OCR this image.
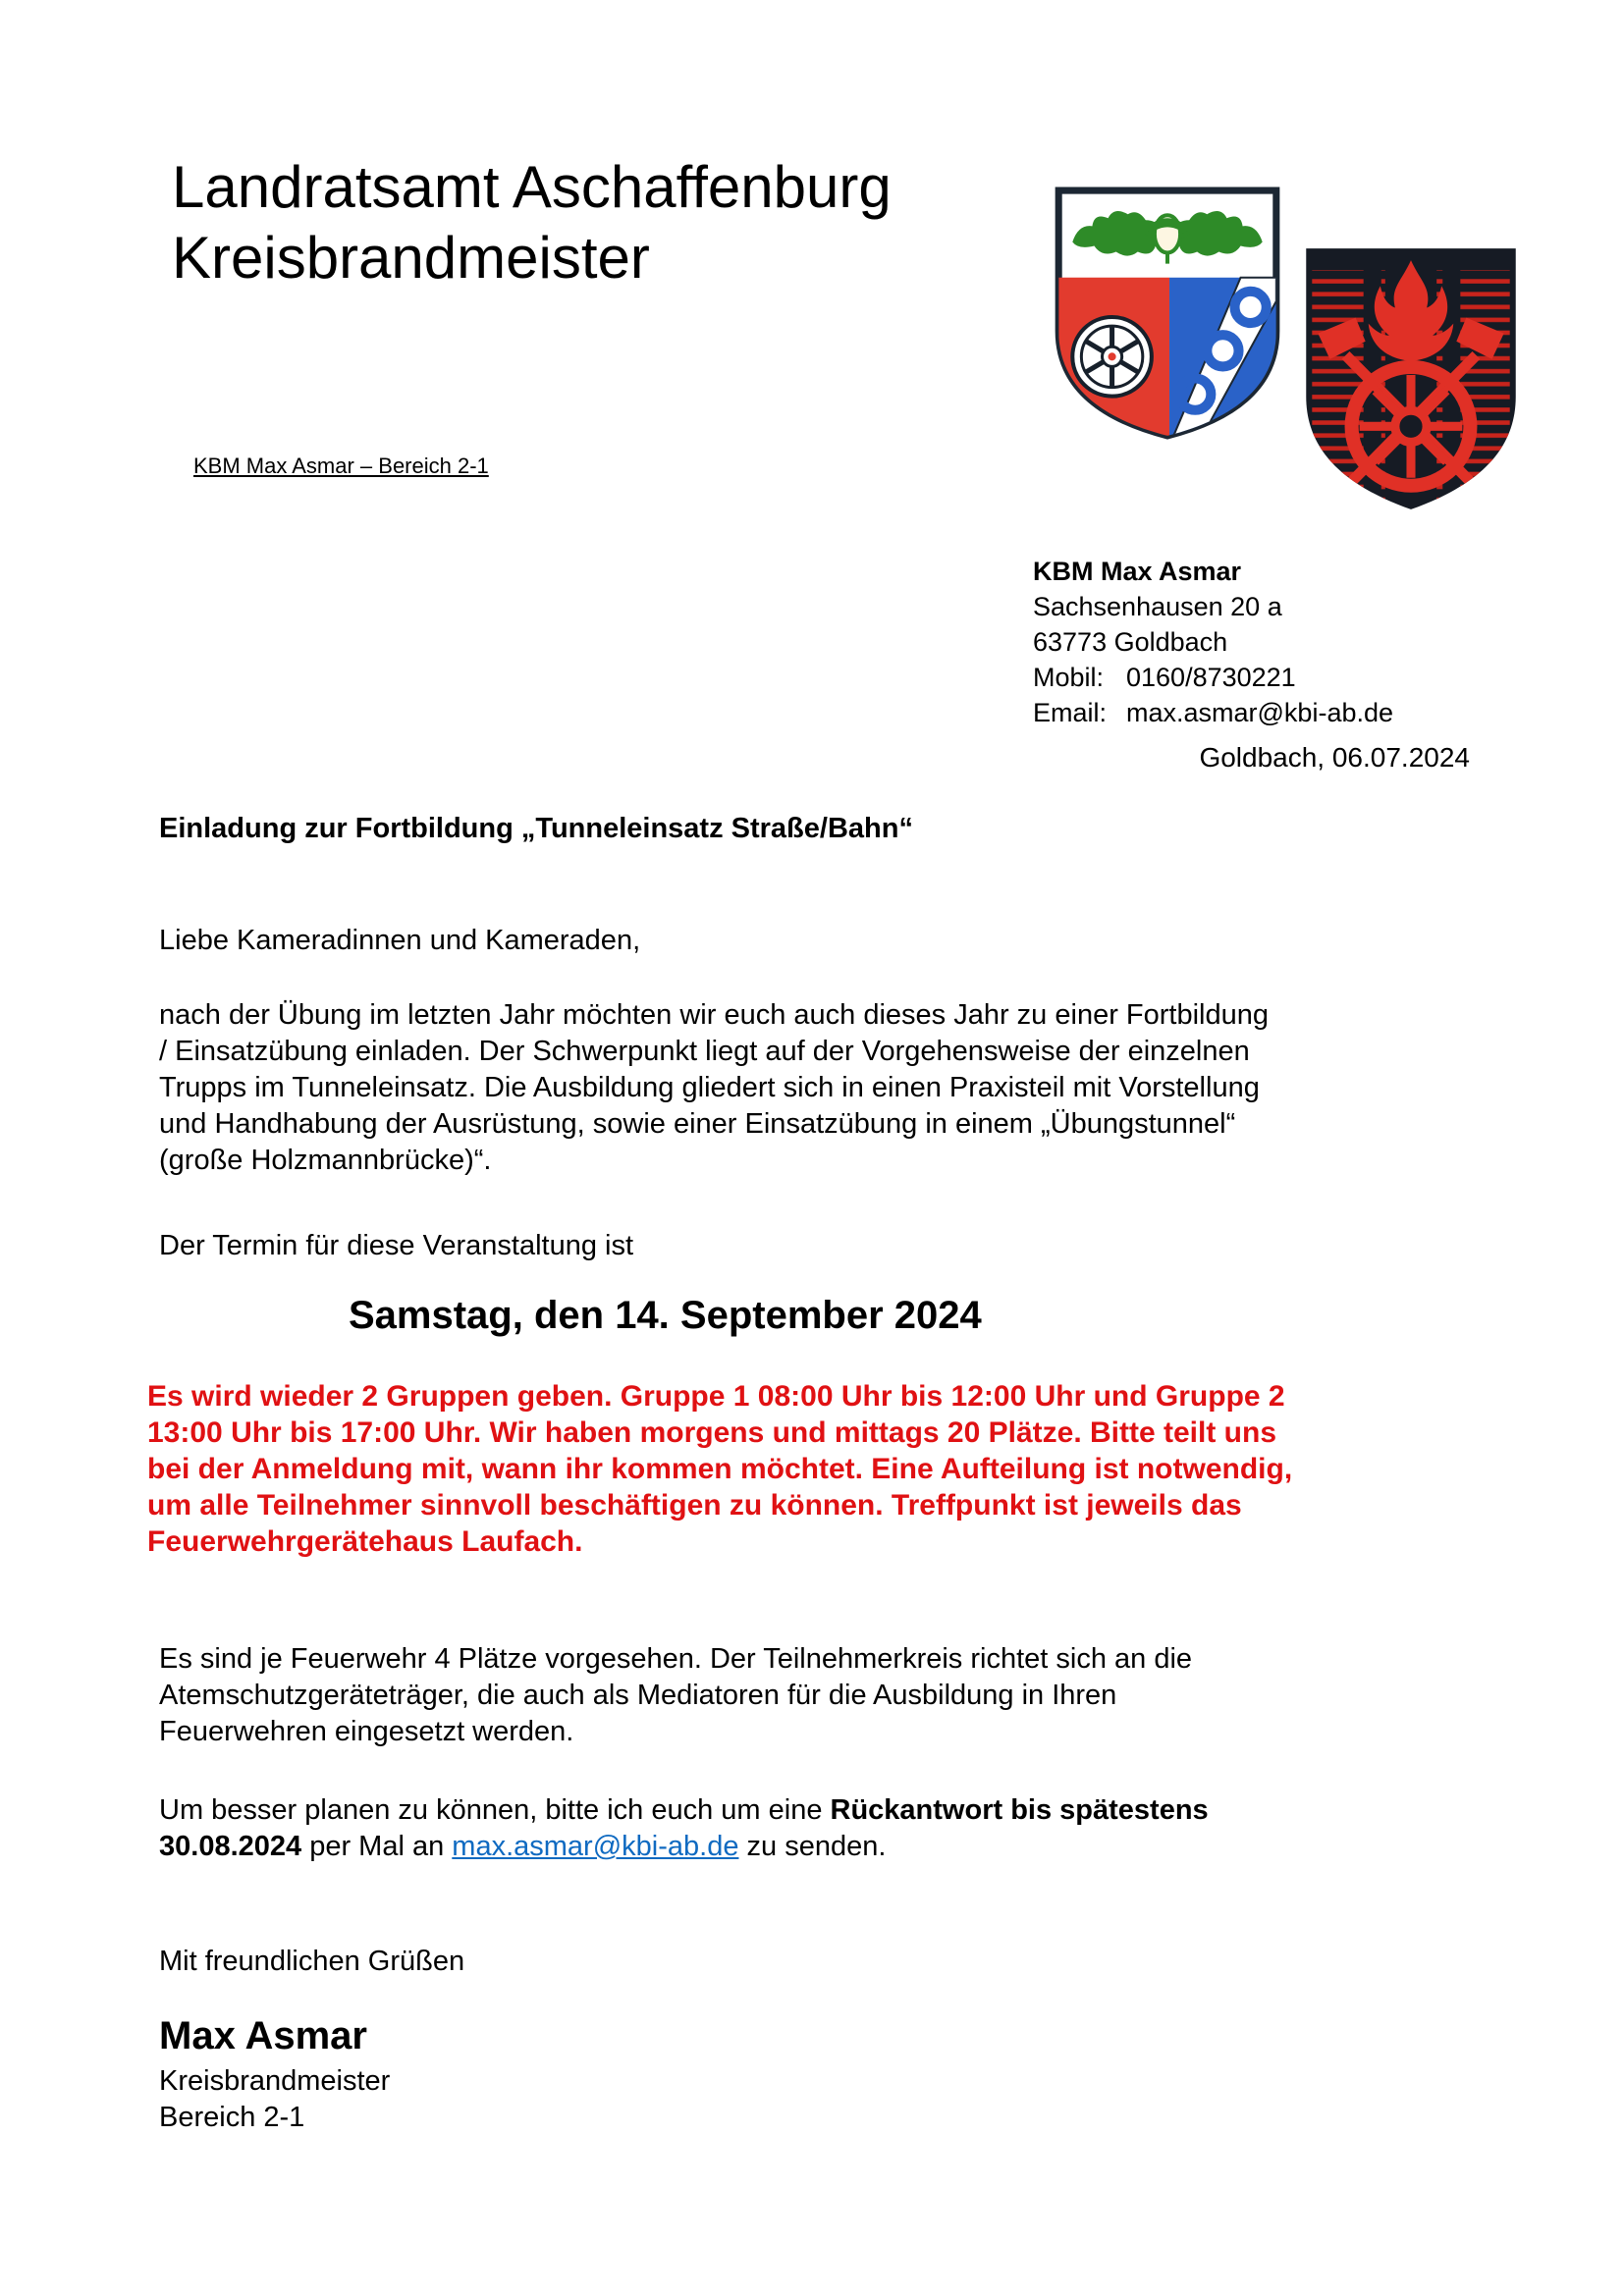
Landratsamt Aschaffenburg
Kreisbrandmeister
KBM Max Asmar – Bereich 2-1
KBM Max Asmar
Sachsenhausen 20 a
63773 Goldbach
Mobil: 0160/8730221
Email: max.asmar@kbi-ab.de
Goldbach, 06.07.2024
Einladung zur Fortbildung „Tunneleinsatz Straße/Bahn“
Liebe Kameradinnen und Kameraden,
nach der Übung im letzten Jahr möchten wir euch auch dieses Jahr zu einer Fortbildung
/ Einsatzübung einladen. Der Schwerpunkt liegt auf der Vorgehensweise der einzelnen
Trupps im Tunneleinsatz. Die Ausbildung gliedert sich in einen Praxisteil mit Vorstellung
und Handhabung der Ausrüstung, sowie einer Einsatzübung in einem „Übungstunnel“
(große Holzmannbrücke)“.
Der Termin für diese Veranstaltung ist
Samstag, den 14. September 2024
Es wird wieder 2 Gruppen geben. Gruppe 1 08:00 Uhr bis 12:00 Uhr und Gruppe 2
13:00 Uhr bis 17:00 Uhr. Wir haben morgens und mittags 20 Plätze. Bitte teilt uns
bei der Anmeldung mit, wann ihr kommen möchtet. Eine Aufteilung ist notwendig,
um alle Teilnehmer sinnvoll beschäftigen zu können. Treffpunkt ist jeweils das
Feuerwehrgerätehaus Laufach.
Es sind je Feuerwehr 4 Plätze vorgesehen. Der Teilnehmerkreis richtet sich an die
Atemschutzgeräteträger, die auch als Mediatoren für die Ausbildung in Ihren
Feuerwehren eingesetzt werden.
Um besser planen zu können, bitte ich euch um eine Rückantwort bis spätestens
30.08.2024 per Mal an max.asmar@kbi-ab.de zu senden.
Mit freundlichen Grüßen
Max Asmar
Kreisbrandmeister
Bereich 2-1
